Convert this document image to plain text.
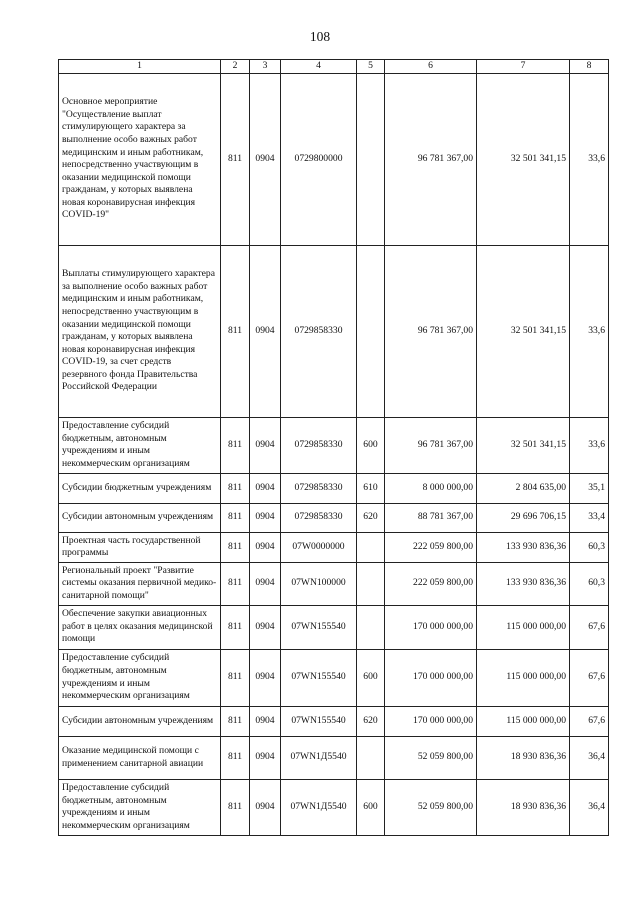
108
1	2	3	4	5	6	7	8
Основное мероприятие "Осуществление выплат стимулирующего характера за выполнение особо важных работ медицинским и иным работникам, непосредственно участвующим в оказании медицинской помощи гражданам, у которых выявлена новая коронавирусная инфекция COVID-19"	811	0904	0729800000		96 781 367,00	32 501 341,15	33,6
Выплаты стимулирующего характера за выполнение особо важных работ медицинским и иным работникам, непосредственно участвующим в оказании медицинской помощи гражданам, у которых выявлена новая коронавирусная инфекция COVID-19, за счет средств резервного фонда Правительства Российской Федерации	811	0904	0729858330		96 781 367,00	32 501 341,15	33,6
Предоставление субсидий бюджетным, автономным учреждениям и иным некоммерческим организациям	811	0904	0729858330	600	96 781 367,00	32 501 341,15	33,6
Субсидии бюджетным учреждениям	811	0904	0729858330	610	8 000 000,00	2 804 635,00	35,1
Субсидии автономным учреждениям	811	0904	0729858330	620	88 781 367,00	29 696 706,15	33,4
Проектная часть государственной программы	811	0904	07W0000000		222 059 800,00	133 930 836,36	60,3
Региональный проект "Развитие системы оказания первичной медико-санитарной помощи"	811	0904	07WN100000		222 059 800,00	133 930 836,36	60,3
Обеспечение закупки авиационных работ в целях оказания медицинской помощи	811	0904	07WN155540		170 000 000,00	115 000 000,00	67,6
Предоставление субсидий бюджетным, автономным учреждениям и иным некоммерческим организациям	811	0904	07WN155540	600	170 000 000,00	115 000 000,00	67,6
Субсидии автономным учреждениям	811	0904	07WN155540	620	170 000 000,00	115 000 000,00	67,6
Оказание медицинской помощи с применением санитарной авиации	811	0904	07WN1Д5540		52 059 800,00	18 930 836,36	36,4
Предоставление субсидий бюджетным, автономным учреждениям и иным некоммерческим организациям	811	0904	07WN1Д5540	600	52 059 800,00	18 930 836,36	36,4
